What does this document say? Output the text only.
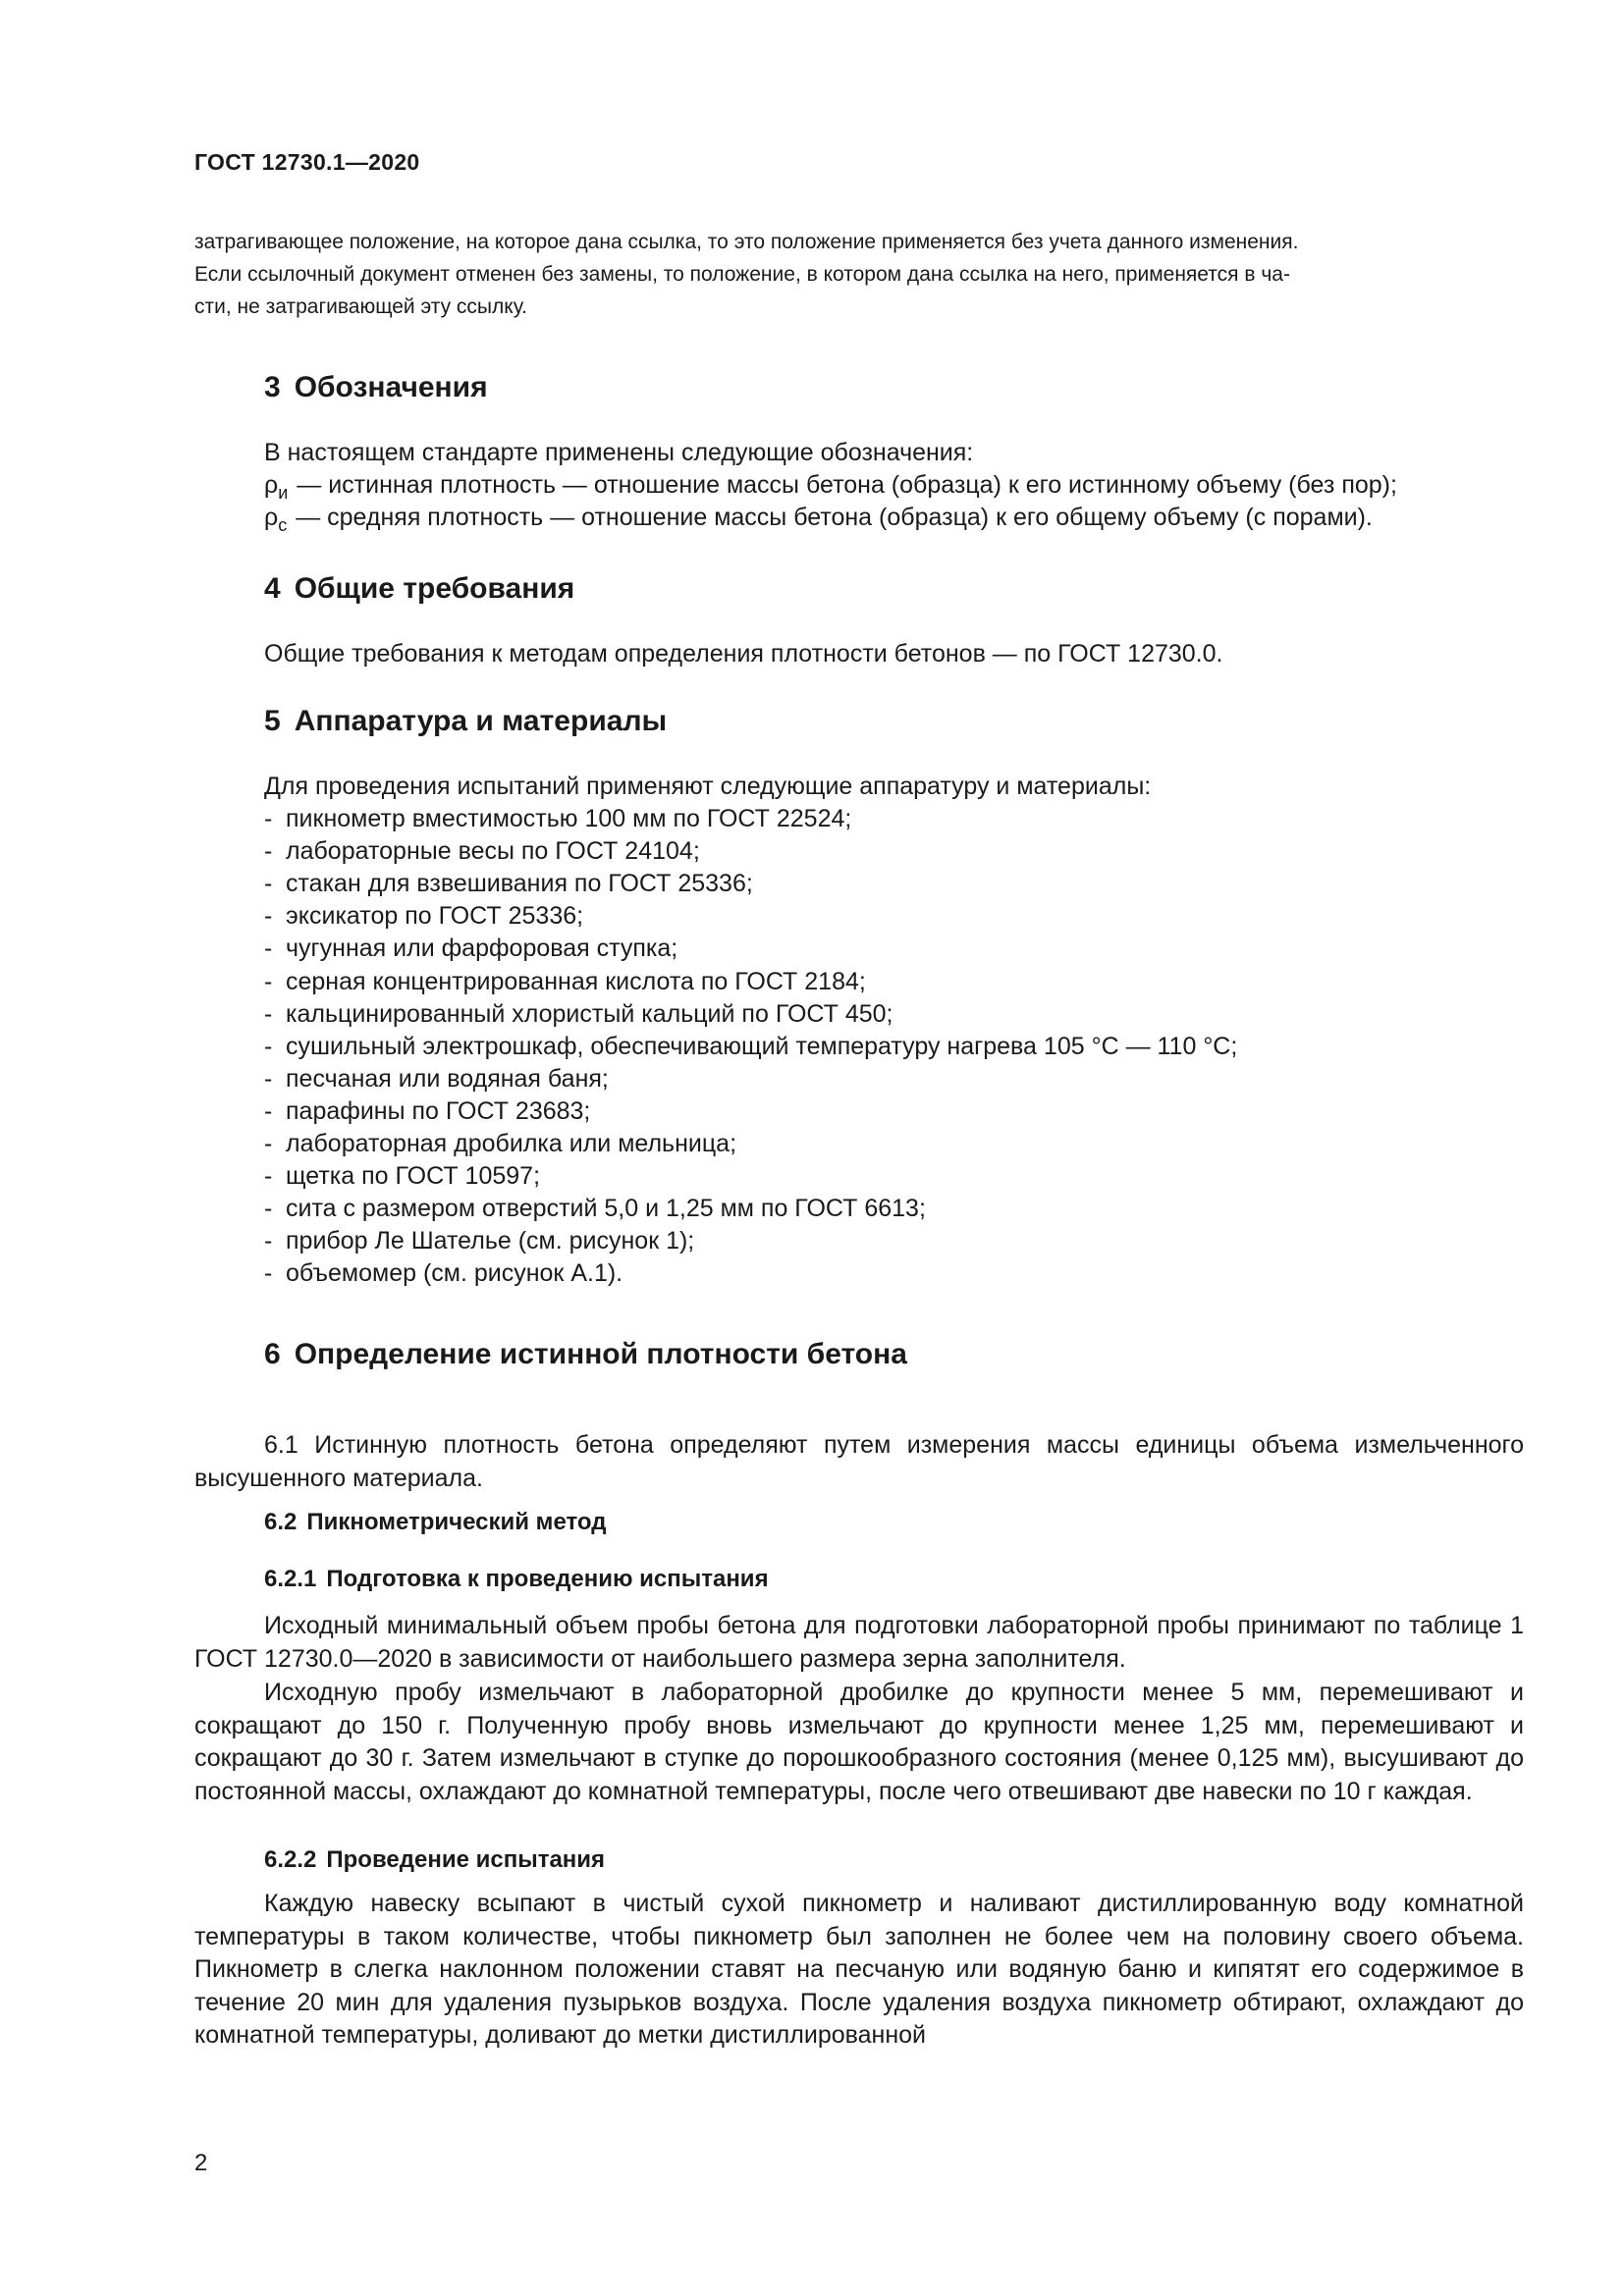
ГОСТ 12730.1—2020

затрагивающее положение, на которое дана ссылка, то это положение применяется без учета данного изменения.

Если ссылочный документ отменен без замены, то положение, в котором дана ссылка на него, применяется в ча-

сти, не затрагивающей эту ссылку.

3 Обозначения

В настоящем стандарте применены следующие обозначения:

$\rho_и$ — истинная плотность — отношение массы бетона (образца) к его истинному объему (без пор);

$\rho_с$ — средняя плотность — отношение массы бетона (образца) к его общему объему (с порами).

4 Общие требования

Общие требования к методам определения плотности бетонов — по ГОСТ 12730.0.

5 Аппаратура и материалы

Для проведения испытаний применяют следующие аппаратуру и материалы:

- пикнометр вместимостью 100 мм по ГОСТ 22524;
- лабораторные весы по ГОСТ 24104;
- стакан для взвешивания по ГОСТ 25336;
- эксикатор по ГОСТ 25336;
- чугунная или фарфоровая ступка;
- серная концентрированная кислота по ГОСТ 2184;
- кальцинированный хлористый кальций по ГОСТ 450;
- сушильный электрошкаф, обеспечивающий температуру нагрева 105 °С — 110 °С;
- песчаная или водяная баня;
- парафины по ГОСТ 23683;
- лабораторная дробилка или мельница;
- щетка по ГОСТ 10597;
- сита с размером отверстий 5,0 и 1,25 мм по ГОСТ 6613;
- прибор Ле Шателье (см. рисунок 1);
- объемомер (см. рисунок А.1).
6 Определение истинной плотности бетона

6.1 Истинную плотность бетона определяют путем измерения массы единицы объема измельченного высушенного материала.

6.2 Пикнометрический метод
6.2.1 Подготовка к проведению испытания

Исходный минимальный объем пробы бетона для подготовки лабораторной пробы принимают по таблице 1 ГОСТ 12730.0—2020 в зависимости от наибольшего размера зерна заполнителя.

Исходную пробу измельчают в лабораторной дробилке до крупности менее 5 мм, перемешивают и сокращают до 150 г. Полученную пробу вновь измельчают до крупности менее 1,25 мм, перемешивают и сокращают до 30 г. Затем измельчают в ступке до порошкообразного состояния (менее 0,125 мм), высушивают до постоянной массы, охлаждают до комнатной температуры, после чего отвешивают две навески по 10 г каждая.

6.2.2 Проведение испытания

Каждую навеску всыпают в чистый сухой пикнометр и наливают дистиллированную воду комнатной температуры в таком количестве, чтобы пикнометр был заполнен не более чем на половину своего объема. Пикнометр в слегка наклонном положении ставят на песчаную или водяную баню и кипятят его содержимое в течение 20 мин для удаления пузырьков воздуха. После удаления воздуха пикнометр обтирают, охлаждают до комнатной температуры, доливают до метки дистиллированной

2
